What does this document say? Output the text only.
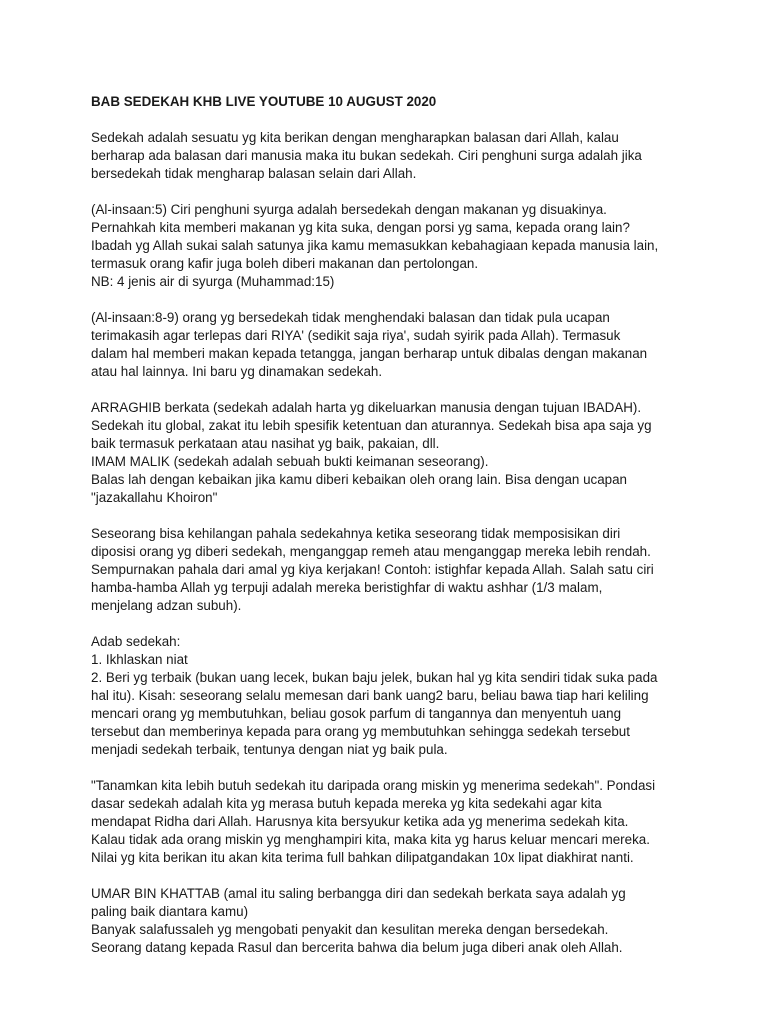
BAB SEDEKAH KHB LIVE YOUTUBE 10 AUGUST 2020
Sedekah adalah sesuatu yg kita berikan dengan mengharapkan balasan dari Allah, kalau
berharap ada balasan dari manusia maka itu bukan sedekah. Ciri penghuni surga adalah jika
bersedekah tidak mengharap balasan selain dari Allah.
(Al-insaan:5) Ciri penghuni syurga adalah bersedekah dengan makanan yg disuakinya.
Pernahkah kita memberi makanan yg kita suka, dengan porsi yg sama, kepada orang lain?
Ibadah yg Allah sukai salah satunya jika kamu memasukkan kebahagiaan kepada manusia lain,
termasuk orang kafir juga boleh diberi makanan dan pertolongan.
NB: 4 jenis air di syurga (Muhammad:15)
(Al-insaan:8-9) orang yg bersedekah tidak menghendaki balasan dan tidak pula ucapan
terimakasih agar terlepas dari RIYA' (sedikit saja riya', sudah syirik pada Allah). Termasuk
dalam hal memberi makan kepada tetangga, jangan berharap untuk dibalas dengan makanan
atau hal lainnya. Ini baru yg dinamakan sedekah.
ARRAGHIB berkata (sedekah adalah harta yg dikeluarkan manusia dengan tujuan IBADAH).
Sedekah itu global, zakat itu lebih spesifik ketentuan dan aturannya. Sedekah bisa apa saja yg
baik termasuk perkataan atau nasihat yg baik, pakaian, dll.
IMAM MALIK (sedekah adalah sebuah bukti keimanan seseorang).
Balas lah dengan kebaikan jika kamu diberi kebaikan oleh orang lain. Bisa dengan ucapan
"jazakallahu Khoiron"
Seseorang bisa kehilangan pahala sedekahnya ketika seseorang tidak memposisikan diri
diposisi orang yg diberi sedekah, menganggap remeh atau menganggap mereka lebih rendah.
Sempurnakan pahala dari amal yg kiya kerjakan! Contoh: istighfar kepada Allah. Salah satu ciri
hamba-hamba Allah yg terpuji adalah mereka beristighfar di waktu ashhar (1/3 malam,
menjelang adzan subuh).
Adab sedekah:
1. Ikhlaskan niat
2. Beri yg terbaik (bukan uang lecek, bukan baju jelek, bukan hal yg kita sendiri tidak suka pada
hal itu). Kisah: seseorang selalu memesan dari bank uang2 baru, beliau bawa tiap hari keliling
mencari orang yg membutuhkan, beliau gosok parfum di tangannya dan menyentuh uang
tersebut dan memberinya kepada para orang yg membutuhkan sehingga sedekah tersebut
menjadi sedekah terbaik, tentunya dengan niat yg baik pula.
"Tanamkan kita lebih butuh sedekah itu daripada orang miskin yg menerima sedekah". Pondasi
dasar sedekah adalah kita yg merasa butuh kepada mereka yg kita sedekahi agar kita
mendapat Ridha dari Allah. Harusnya kita bersyukur ketika ada yg menerima sedekah kita.
Kalau tidak ada orang miskin yg menghampiri kita, maka kita yg harus keluar mencari mereka.
Nilai yg kita berikan itu akan kita terima full bahkan dilipatgandakan 10x lipat diakhirat nanti.
UMAR BIN KHATTAB (amal itu saling berbangga diri dan sedekah berkata saya adalah yg
paling baik diantara kamu)
Banyak salafussaleh yg mengobati penyakit dan kesulitan mereka dengan bersedekah.
Seorang datang kepada Rasul dan bercerita bahwa dia belum juga diberi anak oleh Allah.
